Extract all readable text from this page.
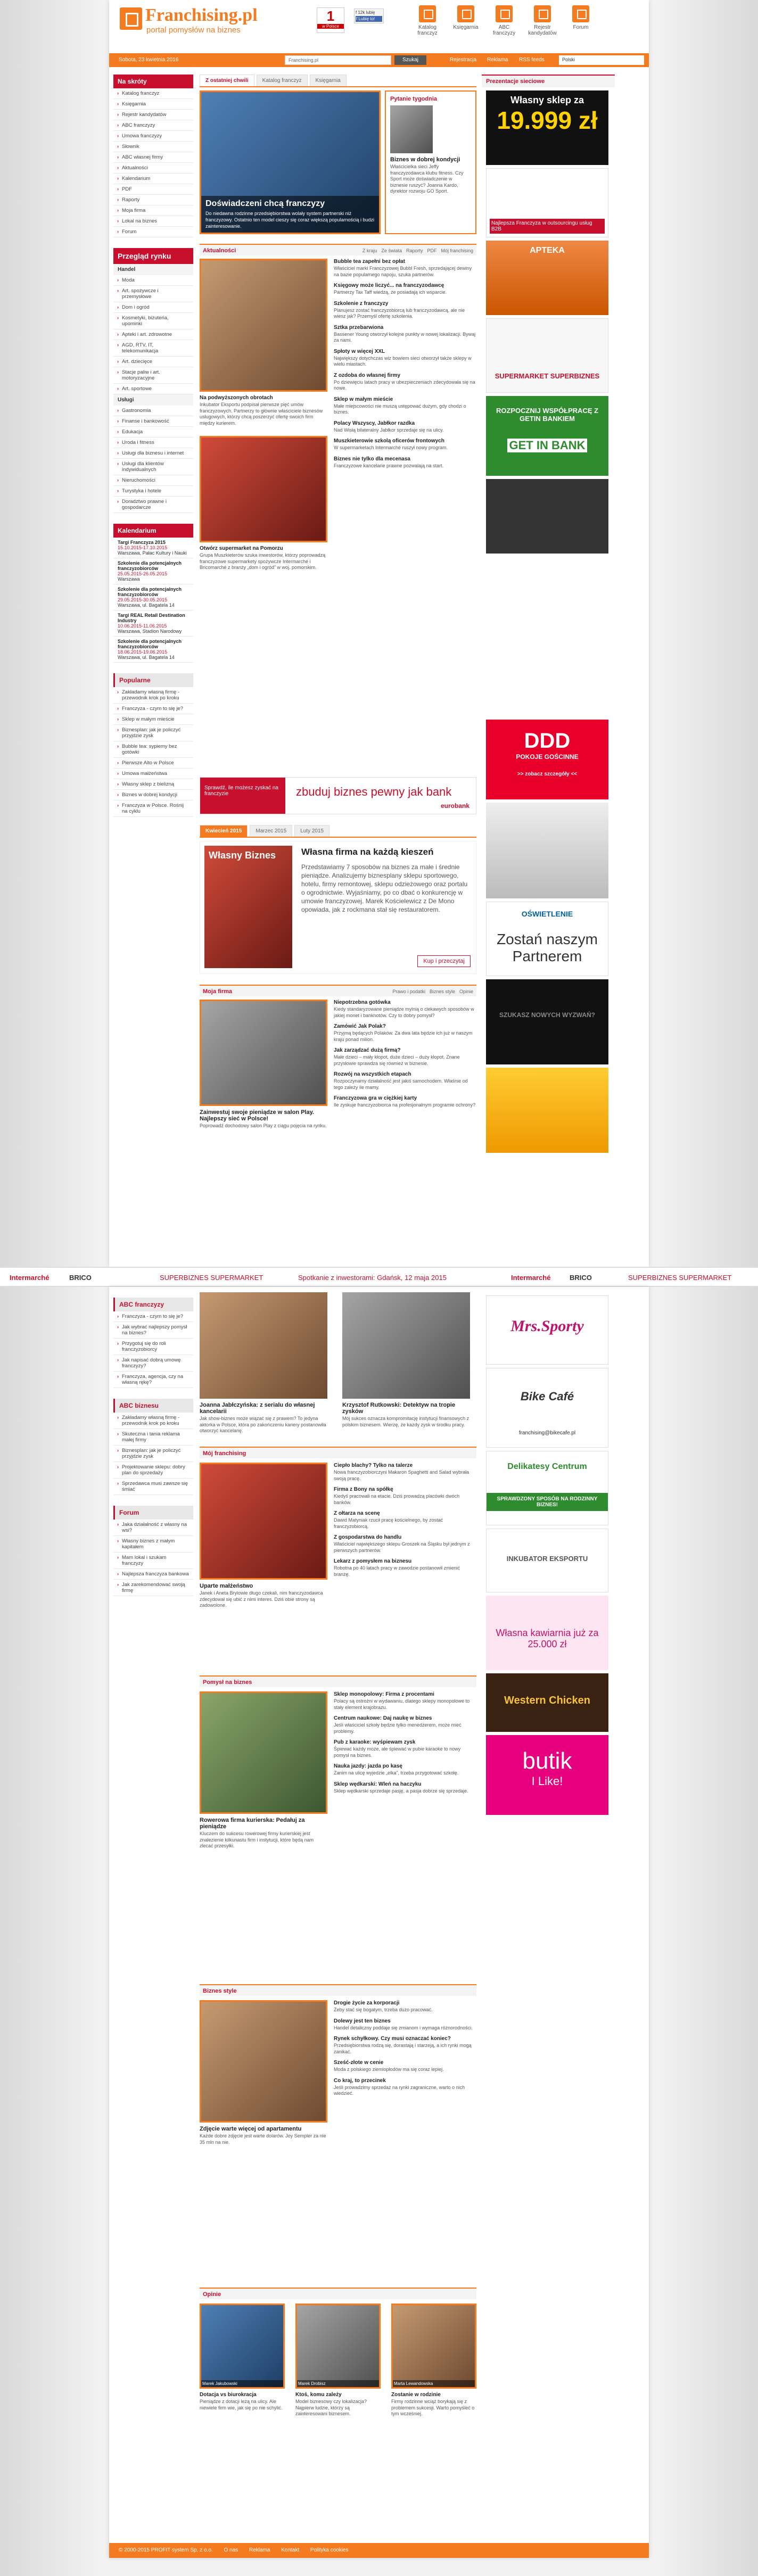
Franchising.pl
portal pomysłów na biznes
1
w Polsce
f 12k lubię
f Lubię to!
Katalog franczyz
Księgarnia	ABC franczyzy
Rejestr kandydatów
Forum
Sobota, 23 kwietnia 2016	Franchising.pl	Szukaj	Rejestracja Reklama RSS feeds	Polski
Na skróty
› Katalog franczyz
› Księgarnia
› Rejestr kandydatów
› ABC franczyzy
› Umowa franczyzy
› Słownik
› ABC własnej firmy
› Aktualności
› Kalendarium
› PDF
› Raporty
› Moja firma
› Lokal na biznes
› Forum
Przegląd rynku
Handel
› Moda
› Art. spożywcze i przemysłowe
› Dom i ogród
› Kosmetyki, biżuteria, upominki
› Apteki i art. zdrowotne
› AGD, RTV, IT, telekomunikacja
› Art. dziecięce
› Stacje paliw i art. motoryzacyjne
› Art. sportowe
Usługi
› Gastronomia
› Finanse i bankowość
› Edukacja
› Uroda i fitness
› Usługi dla biznesu i internet
› Usługi dla klientów indywidualnych
› Nieruchomości
› Turystyka i hotele
› Doradztwo prawne i gospodarcze
Kalendarium
Targi Franczyza 2015
15.10.2015-17.10.2015
Warszawa, Pałac Kultury i Nauki
Szkolenie dla potencjalnych franczyzobiorców
25.05.2015-26.05.2015
Warszawa
Szkolenie dla potencjalnych franczyzobiorców
29.05.2015-30.05.2015
Warszawa, ul. Bagatela 14
Targi REAL Retail Destination Industry
10.06.2015-11.06.2015
Warszawa, Stadion Narodowy
Szkolenie dla potencjalnych franczyzobiorców
18.06.2015-19.06.2015
Warszawa, ul. Bagatela 14
Popularne
› Zakładamy własną firmę - przewodnik krok po kroku
› Franczyza - czym to się je?
› Sklep w małym mieście
› Biznesplan: jak je policzyć przyjdzie zysk
› Bubble tea: sypiemy bez gotówki
› Pierwsze Alto w Polsce
› Umowa małżeństwa
› Własny sklep z bielizną
› Biznes w dobrej kondycji
› Franczyza w Polsce. Rośnij na cyklu
Z ostatniej chwili	Katalog franczyz	Księgarnia
Doświadczeni chcą franczyzy
Do niedawna rodzinne przedsiębiorstwa wolały system partnerski niż franczyzowy. Ostatnio ten model cieszy się coraz większą popularnością i budzi zainteresowanie.
Pytanie tygodnia
Biznes w dobrej kondycji
Właścicielka sieci Jeffy franczyzodawca klubu fitness. Czy Sport może doświadczenie w biznesie ruszyć? Joanna Kardo, dyrektor rozwoju GO Sport.
Aktualności	Z kraju Ze świata Raporty PDF Mój franchising
Na podwyższonych obrotach
Inkubator Eksportu podpisał pierwsze pięć umów franczyzowych. Partnerzy to głównie właściciele biznesów usługowych, którzy chcą poszerzyć ofertę swoich firm między kurierem.
Otwórz supermarket na Pomorzu
Grupa Muszkieterów szuka inwestorów, którzy poprowadzą franczyzowe supermarkety spożywcze Intermarché i Bricomarché z branży „dom i ogród” w woj. pomorskim.
Bubble tea zapełni bez opłat
Właściciel marki Franczyzowej Bubbl Fresh, sprzedającej dewiny na bazie popularnego napoju, szuka partnerów.
Księgowy może liczyć... na franczyzodawcę
Partnerzy Tax Taff wiedzą, że posiadają ich wsparcie.
Szkolenie z franczyzy
Planujesz zostać franczyzobiorcą lub franczyzodawcą, ale nie wiesz jak? Przemyśl ofertę szkolenia.
Sztka przebarwiona
Bassener Young otworzył kolejne punkty w nowej lokalizacji. Bywaj za nami.
Spłoty w więcej XXL
Największy dotychczas wiz bowiem sieci otworzył także sklepy w wielu miastach.
Z ozdoba do własnej firmy
Po dziewięciu latach pracy w ubezpieczeniach zdecydowała się na nowe.
Sklep w małym mieście
Małe miejscowości nie muszą ustępować dużym, gdy chodzi o biznes.
Polacy Wszyscy, Jabłkor razdka
Nad Wisłą bilateralny Jabłkor sprzedaje się na ulicy.
Muszkieterowie szkolą oficerów frontowych
W supermarketach Intermarché ruszył nowy program.
Biznes nie tylko dla mecenasa
Franczyzowe kancelarie prawne pozwalają na start.
Sprawdź, ile możesz zyskać na franczyzie	zbuduj biznes pewny jak bank
eurobank
Kwiecień 2015	Marzec 2015	Luty 2015
Własny Biznes	Własna firma na każdą kieszeń
Przedstawiamy 7 sposobów na biznes za małe i średnie pieniądze. Analizujemy biznesplany sklepu sportowego, hotelu, firmy remontowej, sklepu odzieżowego oraz portalu o ogrodnictwie. Wyjaśniamy, po co dbać o konkurencję w umowie franczyzowej. Marek Kościelewicz z De Mono opowiada, jak z rockmana stał się restauratorem.
Kup i przeczytaj
Moja firma	Prawo i podatki Biznes style Opinie
Zainwestuj swoje pieniądze w salon Play. Najlepszy sieć w Polsce!
Poprowadź dochodowy salon Play z ciągu pojęcia na rynku.
Niepotrzebna gotówka
Kiedy standaryzowane pieniądze mylnią o ciekawych sposobów w jakiej monet i banknotów. Czy to dobry pomysł?
Zamówić Jak Polak?
Przyjmą będących Polaków. Za dwa lata będzie ich już w naszym kraju ponad milion.
Jak zarządzać dużą firmą?
Małe dzieci – mały kłopot, duże dzieci – duży kłopot. Znane przysłowie sprawdza się również w biznesie.
Rozwój na wszystkich etapach
Rozpoczynamy działalność jest jakiś samochodem. Właśnie od tego zależy ile mamy.
Franczyzowa gra w ciężkiej karty
Ile zyskuje franczyzobiorca na profesjonalnym programie ochrony?
Prezentacje sieciowe
Własny sklep za
19.999 zł
Najlepsza Franczyza w outsourcingu usług B2B
APTEKA
SUPERMARKET SUPERBIZNES
ROZPOCZNIJ WSPÓŁPRACĘ Z GETIN BANKIEM
GET IN BANK
DDD
POKOJE GOŚCINNE
>> zobacz szczegóły <<
OŚWIETLENIE
Zostań naszym Partnerem
SZUKASZ NOWYCH WYZWAŃ?
Intermarché	BRICO	SUPERBIZNES SUPERMARKET	Spotkanie z inwestorami: Gdańsk, 12 maja 2015	Intermarché	BRICO	SUPERBIZNES SUPERMARKET
ABC franczyzy
› Franczyza - czym to się je?
› Jak wybrać najlepszy pomysł na biznes?
› Przygotuj się do roli franczyzobiorcy
› Jak napisać dobrą umowę franczyzy?
› Franczyza, agencja, czy na własną rękę?
ABC biznesu
› Zakładamy własną firmę - przewodnik krok po kroku
› Skuteczna i tania reklama małej firmy
› Biznesplan: jak je policzyć przyjdzie zysk
› Projektowanie sklepu: dobry plan do sprzedaży
› Sprzedawca musi zawsze się śmiać
Forum
› Jaka działalność z własny na wsi?
› Własny biznes z małym kapitałem
› Mam lokal i szukam franczyzy
› Najlepsza franczyza bankowa
› Jak zarekomendować swoją firmę
Joanna Jabłczyńska: z serialu do własnej kancelarii
Jak show-biznes może wiązać się z prawem? To jedyna aktorka w Polsce, która po zakończeniu kariery postanowiła otworzyć kancelarię.
Krzysztof Rutkowski: Detektyw na tropie zysków
Mój sukces oznacza kompromitację instytucji finansowych z polskim biznesem. Wierzę, że każdy zysk w środku pracy.
Mój franchising
Uparte małżeństwo
Janek i Aneta Brylowie długo czekali, nim franczyzodawca zdecydował się ubić z nimi interes. Dziś obie strony są zadowolone.
Ciepło blachy? Tylko na talerze
Nowa franczyzobiorczyni Makaron Spaghetti and Salad wybrała swoją pracę.
Firma z Bony na spółkę
Kiedyś pracowali na etacie. Dziś prowadzą placówki dwóch banków.
Z ołtarza na scenę
Dawid Matyniak rzucił pracę kościelnego, by zostać franczyzobiorcą.
Z gospodarstwa do handlu
Właściciel największego sklepu Groszek na Śląsku był jednym z pierwszych partnerów.
Lekarz z pomysłem na biznesu
Robotna po 40 latach pracy w zawodzie postanowił zmienić branżę.
Pomysł na biznes
Rowerowa firma kurierska: Pedałuj za pieniądze
Kluczem do sukcesu rowerowej firmy kurierskiej jest znalezienie kilkunastu firm i instytucji, które będą nam zlecać przesyłki.
Sklep monopolowy: Firma z procentami
Polacy są ostrożni w wydawaniu, dlatego sklepy monopolowe to stały element krajobrazu.
Centrum naukowe: Daj naukę w biznes
Jeśli właściciel szkoły będzie tylko menedżerem, może mieć problemy.
Pub z karaoke: wyśpiewam zysk
Śpiewać każdy może, ale śpiewać w pubie karaoke to nowy pomysł na biznes.
Nauka jazdy: jazda po kasę
Zanim na ulicę wyjedzie „elka”, trzeba przygotować szkołę.
Sklep wędkarski: Wleń na haczyku
Sklep wędkarski sprzedaje pasję, a pasja dobrze się sprzedaje.
Biznes style
Zdjęcie warte więcej od apartamentu
Każde dobre zdjęcie jest warte dolarów. Joy Sempler za nie 35 mln na nie.
Drogie życie za korporacji
Żeby stać się bogatym, trzeba dużo pracować.
Dolewy jest ten biznes
Handel detaliczny poddaje się zmianom i wymaga różnorodności.
Rynek schyłkowy. Czy musi oznaczać koniec?
Przedsiębiorstwa rodzą się, dorastają i starzeją, a ich rynki mogą zanikać.
Sześć-złote w cenie
Moda z polskiego ziemiopłodów ma się coraz lepiej.
Co kraj, to przecinek
Jeśli prowadzimy sprzedaż na rynki zagraniczne, warto o nich wiedzieć.
Opinie
Marek Jakubowski
Dotacja vs biurokracja
Pieniądze z dotacji leżą na ulicy. Ale niewiele firm wie, jak się po nie schylić.
Marek Drobisz
Ktoś, komu zależy
Model biznesowy czy lokalizacja? Najpierw ludzie, którzy są zainteresowani biznesem.
Marta Lewandowska
Zostanie w rodzinie
Firmy rodzinne wciąż borykają się z problemem sukcesji. Warto pomyśleć o tym wcześniej.
Mrs.Sporty
Bike Café
franchising@bikecafe.pl
Delikatesy Centrum
SPRAWDZONY SPOSÓB NA RODZINNY BIZNES!
INKUBATOR EKSPORTU
Własna kawiarnia już za 25.000 zł
Western Chicken
butik
I Like!
© 2000-2015 PROFIT system Sp. z o.o. O nas Reklama Kontakt Polityka cookies
